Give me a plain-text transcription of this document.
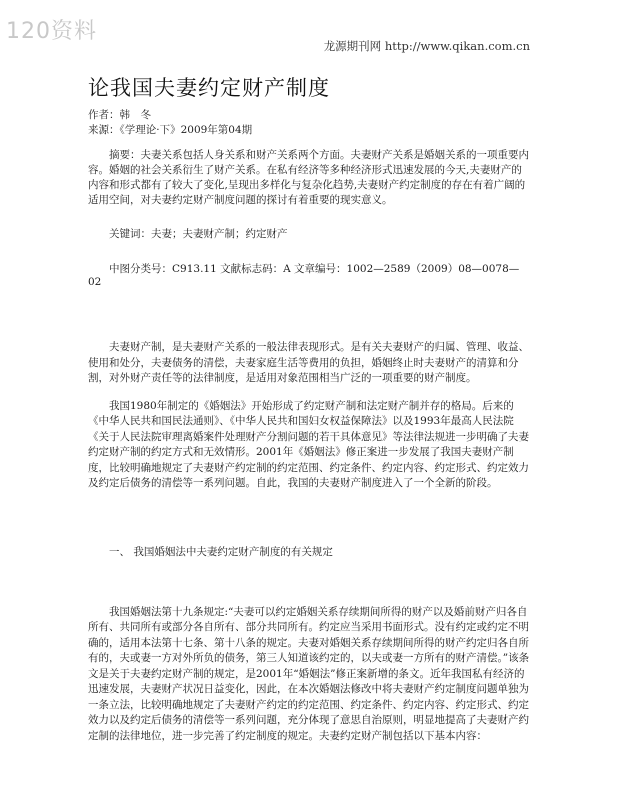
120资料
龙源期刊网 http://www.qikan.com.cn
论我国夫妻约定财产制度
作者：韩　冬
来源：《学理论·下》2009年第04期

摘要：夫妻关系包括人身关系和财产关系两个方面。夫妻财产关系是婚姻关系的一项重要内容。婚姻的社会关系衍生了财产关系。在私有经济等多种经济形式迅速发展的今天,夫妻财产的内容和形式都有了较大了变化,呈现出多样化与复杂化趋势,夫妻财产约定制度的存在有着广阔的适用空间，对夫妻约定财产制度问题的探讨有着重要的现实意义。

关键词：夫妻；夫妻财产制；约定财产
中图分类号：C913.11 文献标志码：A 文章编号：1002—2589（2009）08—0078—02

夫妻财产制，是夫妻财产关系的一般法律表现形式。是有关夫妻财产的归属、管理、收益、使用和处分，夫妻债务的清偿，夫妻家庭生活等费用的负担，婚姻终止时夫妻财产的清算和分割，对外财产责任等的法律制度，是适用对象范围相当广泛的一项重要的财产制度。

我国1980年制定的《婚姻法》开始形成了约定财产制和法定财产制并存的格局。后来的《中华人民共和国民法通则》、《中华人民共和国妇女权益保障法》以及1993年最高人民法院《关于人民法院审理离婚案件处理财产分割问题的若干具体意见》等法律法规进一步明确了夫妻约定财产制的约定方式和无效情形。2001年《婚姻法》修正案进一步发展了我国夫妻财产制度，比较明确地规定了夫妻财产约定制的约定范围、约定条件、约定内容、约定形式、约定效力及约定后债务的清偿等一系列问题。自此，我国的夫妻财产制度进入了一个全新的阶段。

一、 我国婚姻法中夫妻约定财产制度的有关规定

我国婚姻法第十九条规定:“夫妻可以约定婚姻关系存续期间所得的财产以及婚前财产归各自所有、共同所有或部分各自所有、部分共同所有。约定应当采用书面形式。没有约定或约定不明确的，适用本法第十七条、第十八条的规定。夫妻对婚姻关系存续期间所得的财产约定归各自所有的，夫或妻一方对外所负的债务，第三人知道该约定的，以夫或妻一方所有的财产清偿。”该条文是关于夫妻约定财产制的规定，是2001年“婚姻法”修正案新增的条文。近年我国私有经济的迅速发展，夫妻财产状况日益变化，因此，在本次婚姻法修改中将夫妻财产约定制度问题单独为一条立法，比较明确地规定了夫妻财产约定的约定范围、约定条件、约定内容、约定形式、约定效力以及约定后债务的清偿等一系列问题，充分体现了意思自治原则，明显地提高了夫妻财产约定制的法律地位，进一步完善了约定制度的规定。夫妻约定财产制包括以下基本内容：
